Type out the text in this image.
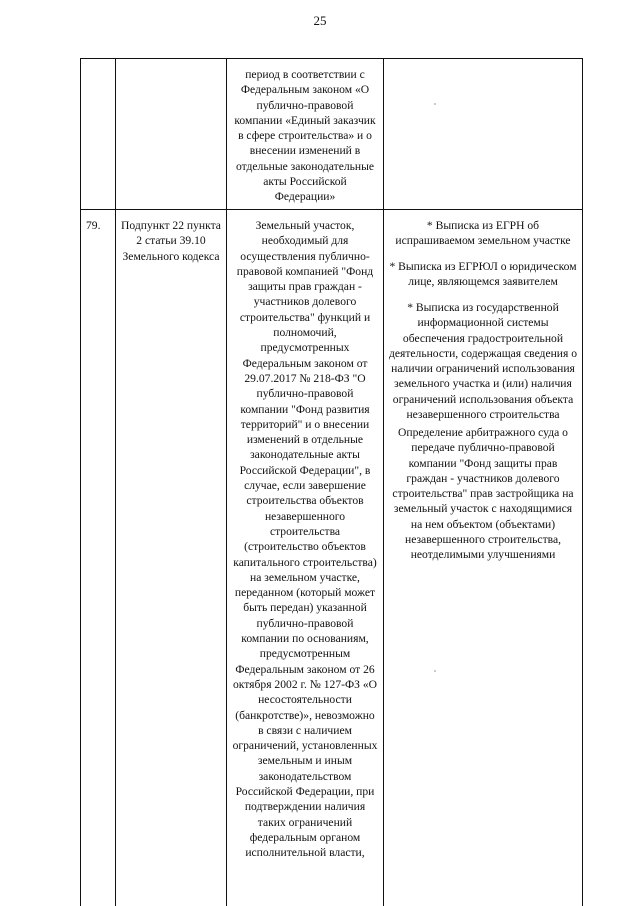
25
период в соответствии с
Федеральным законом «О
публично-правовой
компании «Единый заказчик
в сфере строительства» и о
внесении изменений в
отдельные законодательные
акты Российской
Федерации»
79.	Подпункт 22 пункта
2 статьи 39.10
Земельного кодекса
Земельный участок,
необходимый для
осуществления публично-
правовой компанией "Фонд
защиты прав граждан -
участников долевого
строительства" функций и
полномочий,
предусмотренных
Федеральным законом от
29.07.2017 № 218-ФЗ "О
публично-правовой
компании "Фонд развития
территорий" и о внесении
изменений в отдельные
законодательные акты
Российской Федерации", в
случае, если завершение
строительства объектов
незавершенного
строительства
(строительство объектов
капитального строительства)
на земельном участке,
переданном (который может
быть передан) указанной
публично-правовой
компании по основаниям,
предусмотренным
Федеральным законом от 26
октября 2002 г. № 127-ФЗ «О
несостоятельности
(банкротстве)», невозможно
в связи с наличием
ограничений, установленных
земельным и иным
законодательством
Российской Федерации, при
подтверждении наличия
таких ограничений
федеральным органом
исполнительной власти,
* Выписка из ЕГРН об
испрашиваемом земельном участке
* Выписка из ЕГРЮЛ о юридическом
лице, являющемся заявителем
* Выписка из государственной
информационной системы
обеспечения градостроительной
деятельности, содержащая сведения о
наличии ограничений использования
земельного участка и (или) наличия
ограничений использования объекта
незавершенного строительства
Определение арбитражного суда о
передаче публично-правовой
компании "Фонд защиты прав
граждан - участников долевого
строительства" прав застройщика на
земельный участок с находящимися
на нем объектом (объектами)
незавершенного строительства,
неотделимыми улучшениями
